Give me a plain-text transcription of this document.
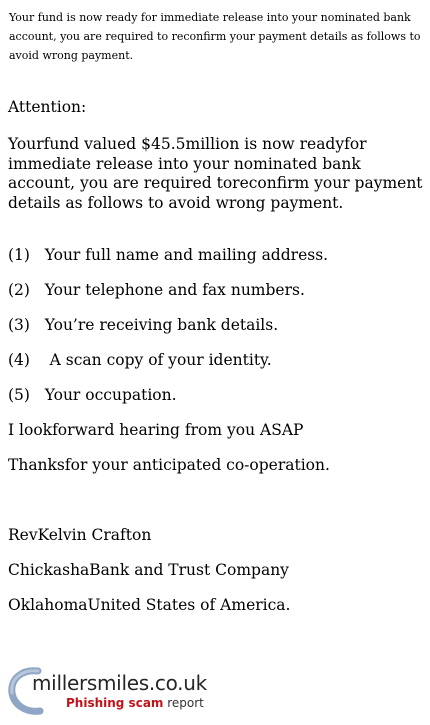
Your fund is now ready for immediate release into your nominated bank account, you are required to reconfirm your payment details as follows to avoid wrong payment.

Attention:

Yourfund valued $45.5million is now readyfor immediate release into your nominated bank account, you are required toreconfirm your payment details as follows to avoid wrong payment.

(1)   Your full name and mailing address.

(2)   Your telephone and fax numbers.

(3)   You’re receiving bank details.

(4)    A scan copy of your identity.

(5)   Your occupation.

I lookforward hearing from you ASAP

Thanksfor your anticipated co-operation.

RevKelvin Crafton

ChickashaBank and Trust Company

OklahomaUnited States of America.

millersmiles.co.uk
Phishing scam report
